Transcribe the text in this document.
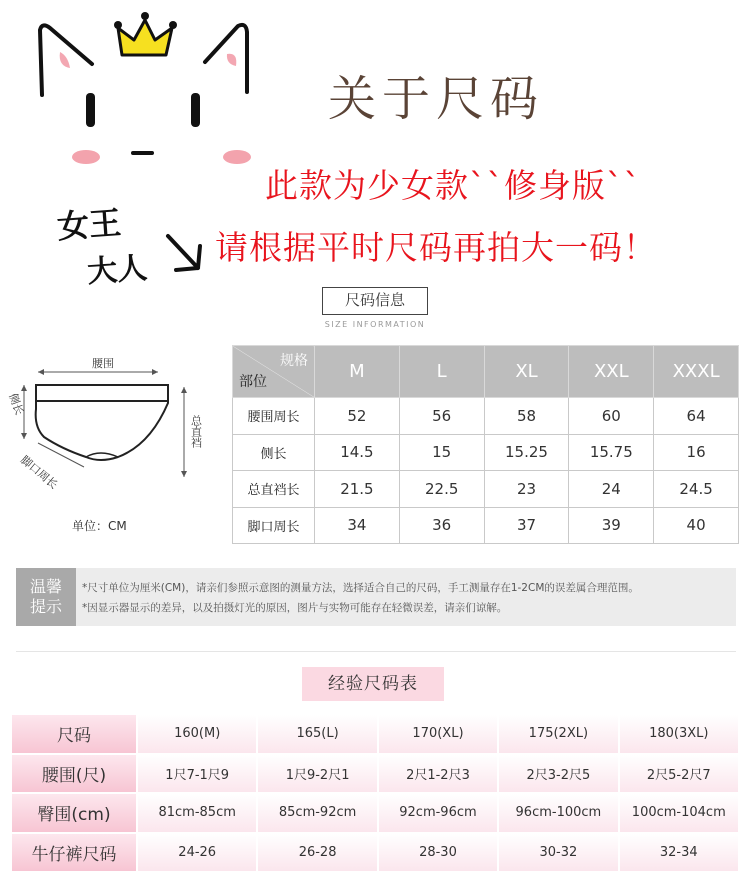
女王
大人
关于尺码
此款为少女款``修身版``
请根据平时尺码再拍大一码！
尺码信息
SIZE INFORMATION
腰围
侧长
总直裆
脚口周长
单位：CM
规格
部位	M	L	XL	XXL	XXXL
腰围周长	52	56	58	60	64
侧长	14.5	15	15.25	15.75	16
总直裆长	21.5	22.5	23	24	24.5
脚口周长	34	36	37	39	40
温馨
提示
*尺寸单位为厘米(CM)，请亲们参照示意图的测量方法，选择适合自己的尺码，手工测量存在1-2CM的误差属合理范围。
*因显示器显示的差异，以及拍摄灯光的原因，图片与实物可能存在轻微误差，请亲们谅解。
经验尺码表
尺码	160(M)	165(L)	170(XL)	175(2XL)	180(3XL)
腰围(尺)	1尺7-1尺9	1尺9-2尺1	2尺1-2尺3	2尺3-2尺5	2尺5-2尺7
臀围(cm)	81cm-85cm	85cm-92cm	92cm-96cm	96cm-100cm	100cm-104cm
牛仔裤尺码	24-26	26-28	28-30	30-32	32-34
